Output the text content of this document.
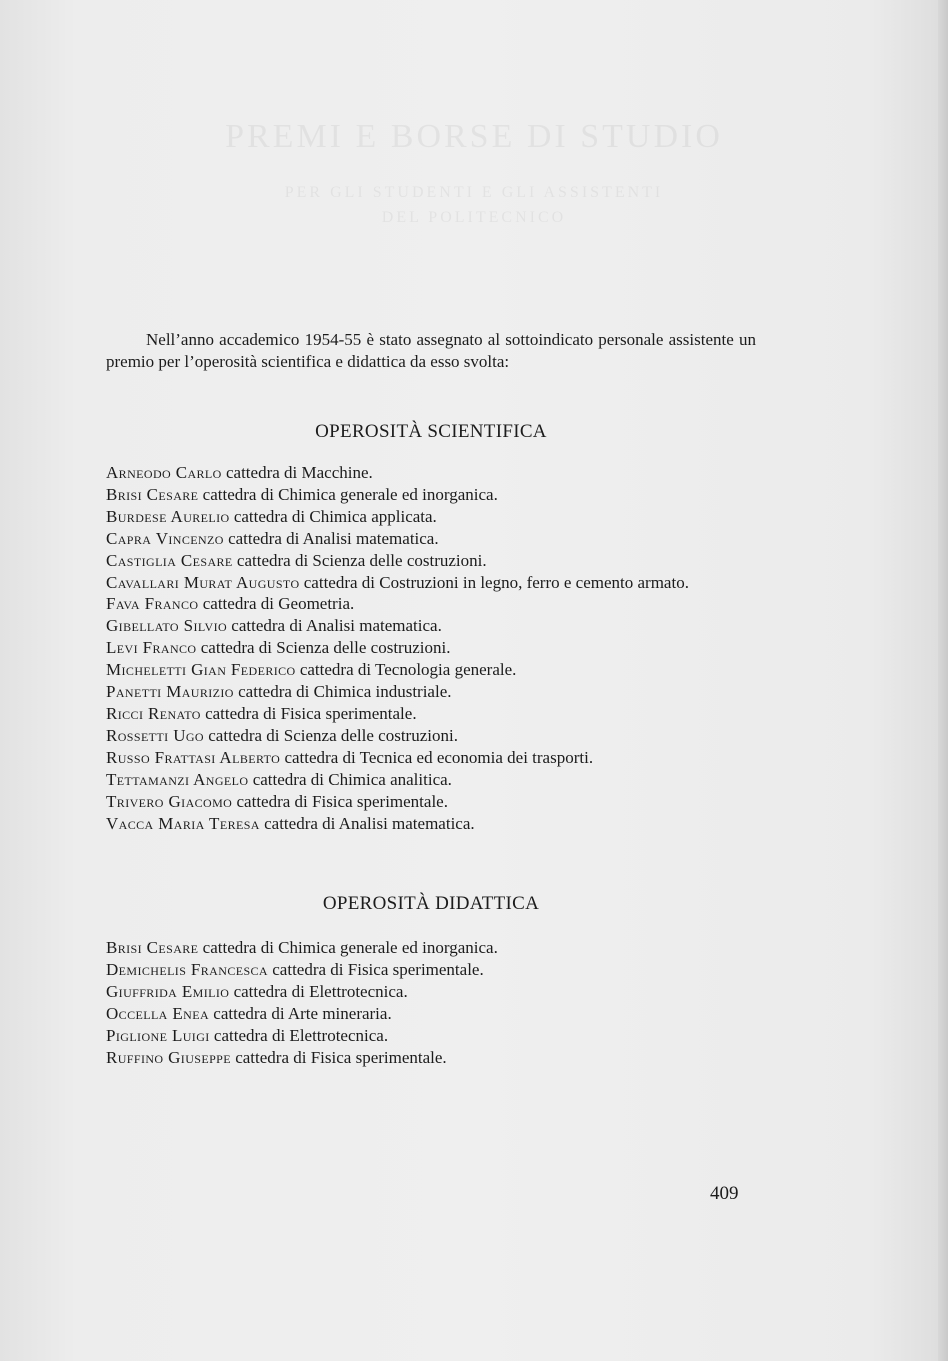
PREMI E BORSE DI STUDIO
PER GLI STUDENTI E GLI ASSISTENTI
DEL POLITECNICO

Nell’anno accademico 1954-55 è stato assegnato al sottoindicato personale assistente un premio per l’operosità scientifica e didattica da esso svolta:

OPEROSITÀ SCIENTIFICA
Arneodo Carlo cattedra di Macchine.
Brisi Cesare cattedra di Chimica generale ed inorganica.
Burdese Aurelio cattedra di Chimica applicata.
Capra Vincenzo cattedra di Analisi matematica.
Castiglia Cesare cattedra di Scienza delle costruzioni.
Cavallari Murat Augusto cattedra di Costruzioni in legno, ferro e cemento armato.
Fava Franco cattedra di Geometria.
Gibellato Silvio cattedra di Analisi matematica.
Levi Franco cattedra di Scienza delle costruzioni.
Micheletti Gian Federico cattedra di Tecnologia generale.
Panetti Maurizio cattedra di Chimica industriale.
Ricci Renato cattedra di Fisica sperimentale.
Rossetti Ugo cattedra di Scienza delle costruzioni.
Russo Frattasi Alberto cattedra di Tecnica ed economia dei trasporti.
Tettamanzi Angelo cattedra di Chimica analitica.
Trivero Giacomo cattedra di Fisica sperimentale.
Vacca Maria Teresa cattedra di Analisi matematica.
OPEROSITÀ DIDATTICA
Brisi Cesare cattedra di Chimica generale ed inorganica.
Demichelis Francesca cattedra di Fisica sperimentale.
Giuffrida Emilio cattedra di Elettrotecnica.
Occella Enea cattedra di Arte mineraria.
Piglione Luigi cattedra di Elettrotecnica.
Ruffino Giuseppe cattedra di Fisica sperimentale.
409
